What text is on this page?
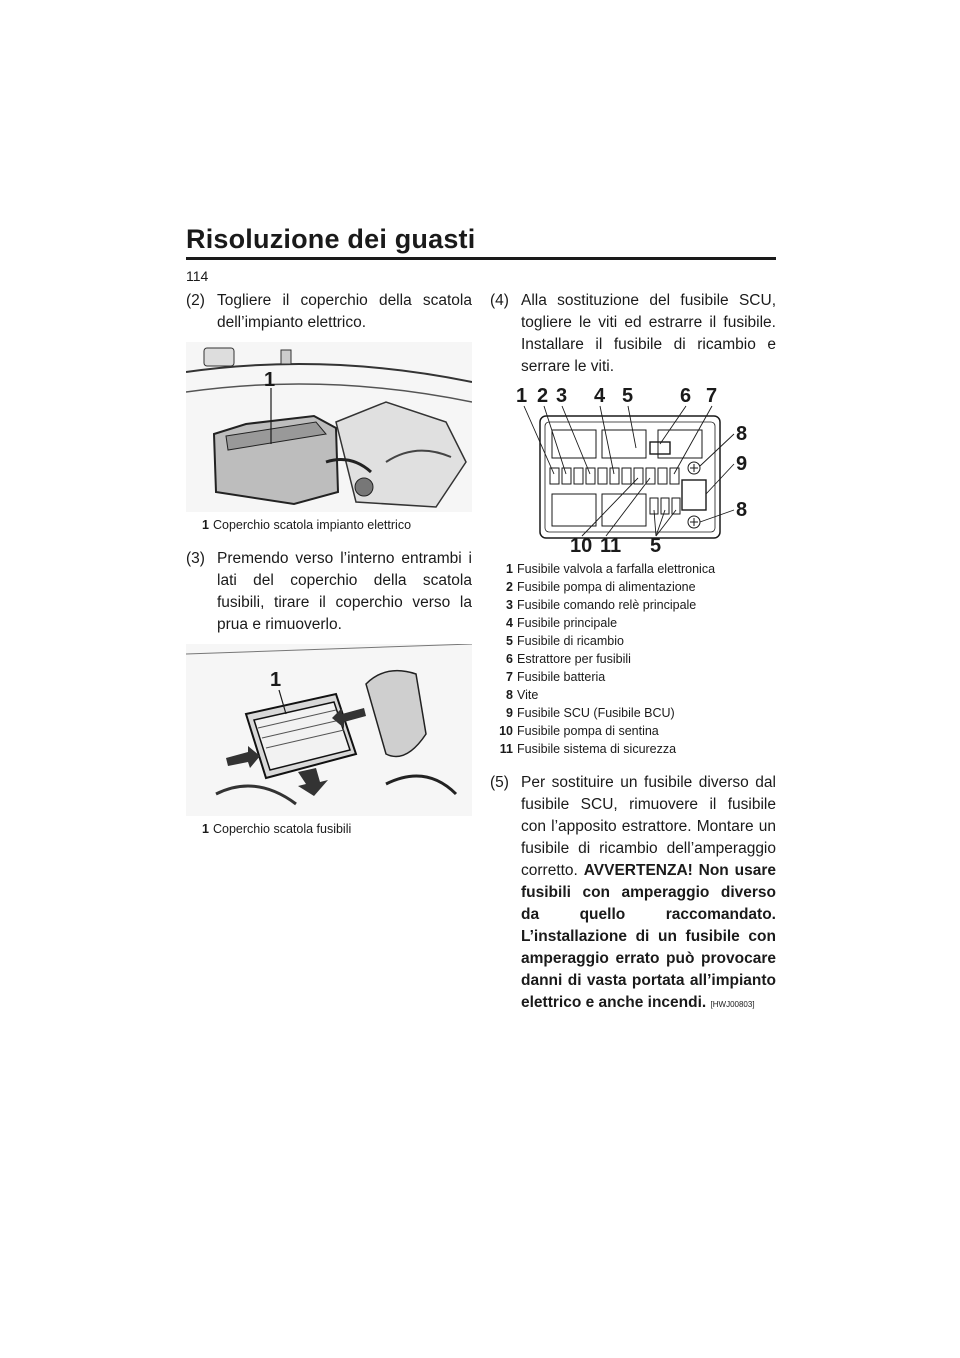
Risoluzione dei guasti
114

(2) Togliere il coperchio della scatola dell’impianto elettrico.

1
1 Coperchio scatola impianto elettrico

(3) Premendo verso l’interno entrambi i lati del coperchio della scatola fusibili, tirare il coperchio verso la prua e rimuoverlo.

1
1 Coperchio scatola fusibili

(4) Alla sostituzione del fusibile SCU, togliere le viti ed estrarre il fusibile. Installare il fusibile di ricambio e serrare le viti.

1 2 3 4 5 6 7
8
9
8
10 11 5
1 Fusibile valvola a farfalla elettronica
2 Fusibile pompa di alimentazione
3 Fusibile comando relè principale
4 Fusibile principale
5 Fusibile di ricambio
6 Estrattore per fusibili
7 Fusibile batteria
8 Vite
9 Fusibile SCU (Fusibile BCU)
10 Fusibile pompa di sentina
11 Fusibile sistema di sicurezza

(5) Per sostituire un fusibile diverso dal fusibile SCU, rimuovere il fusibile con l’apposito estrattore. Montare un fusibile di ricambio dell’amperaggio corretto. AVVERTENZA! Non usare fusibili con amperaggio diverso da quello raccomandato. L’installazione di un fusibile con amperaggio errato può provocare danni di vasta portata all’impianto elettrico e anche incendi. [HWJ00803]
